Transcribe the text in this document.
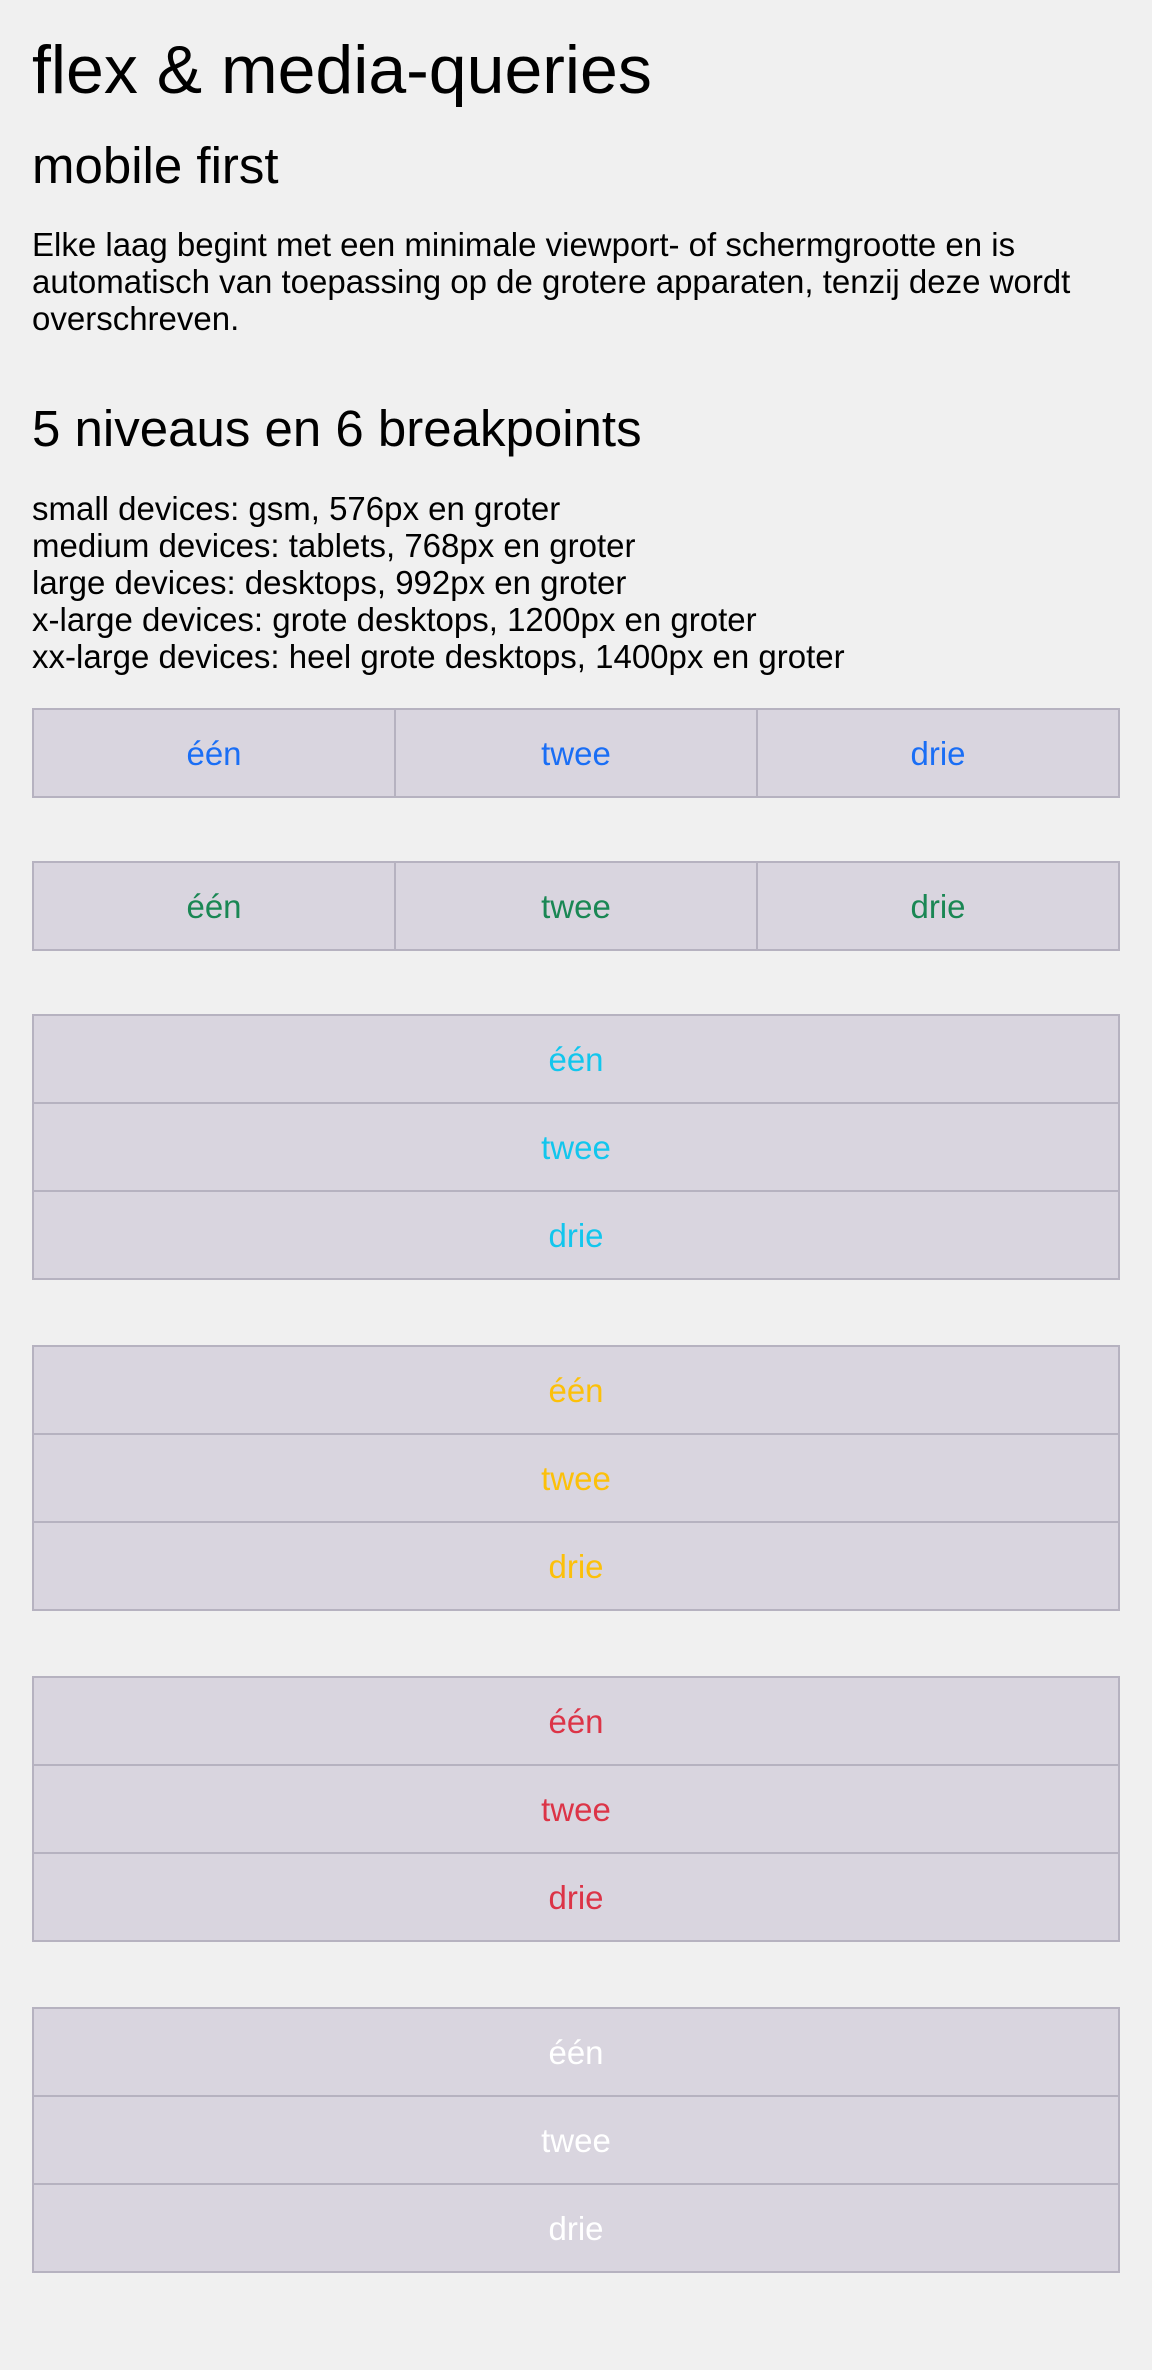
flex & media-queries
mobile first

Elke laag begint met een minimale viewport- of schermgrootte en is automatisch van toepassing op de grotere apparaten, tenzij deze wordt overschreven.

5 niveaus en 6 breakpoints
small devices: gsm, 576px en groter
medium devices: tablets, 768px en groter
large devices: desktops, 992px en groter
x-large devices: grote desktops, 1200px en groter
xx-large devices: heel grote desktops, 1400px en groter
één	twee	drie
één	twee	drie
één
twee
drie
één
twee
drie
één
twee
drie
één
twee
drie
